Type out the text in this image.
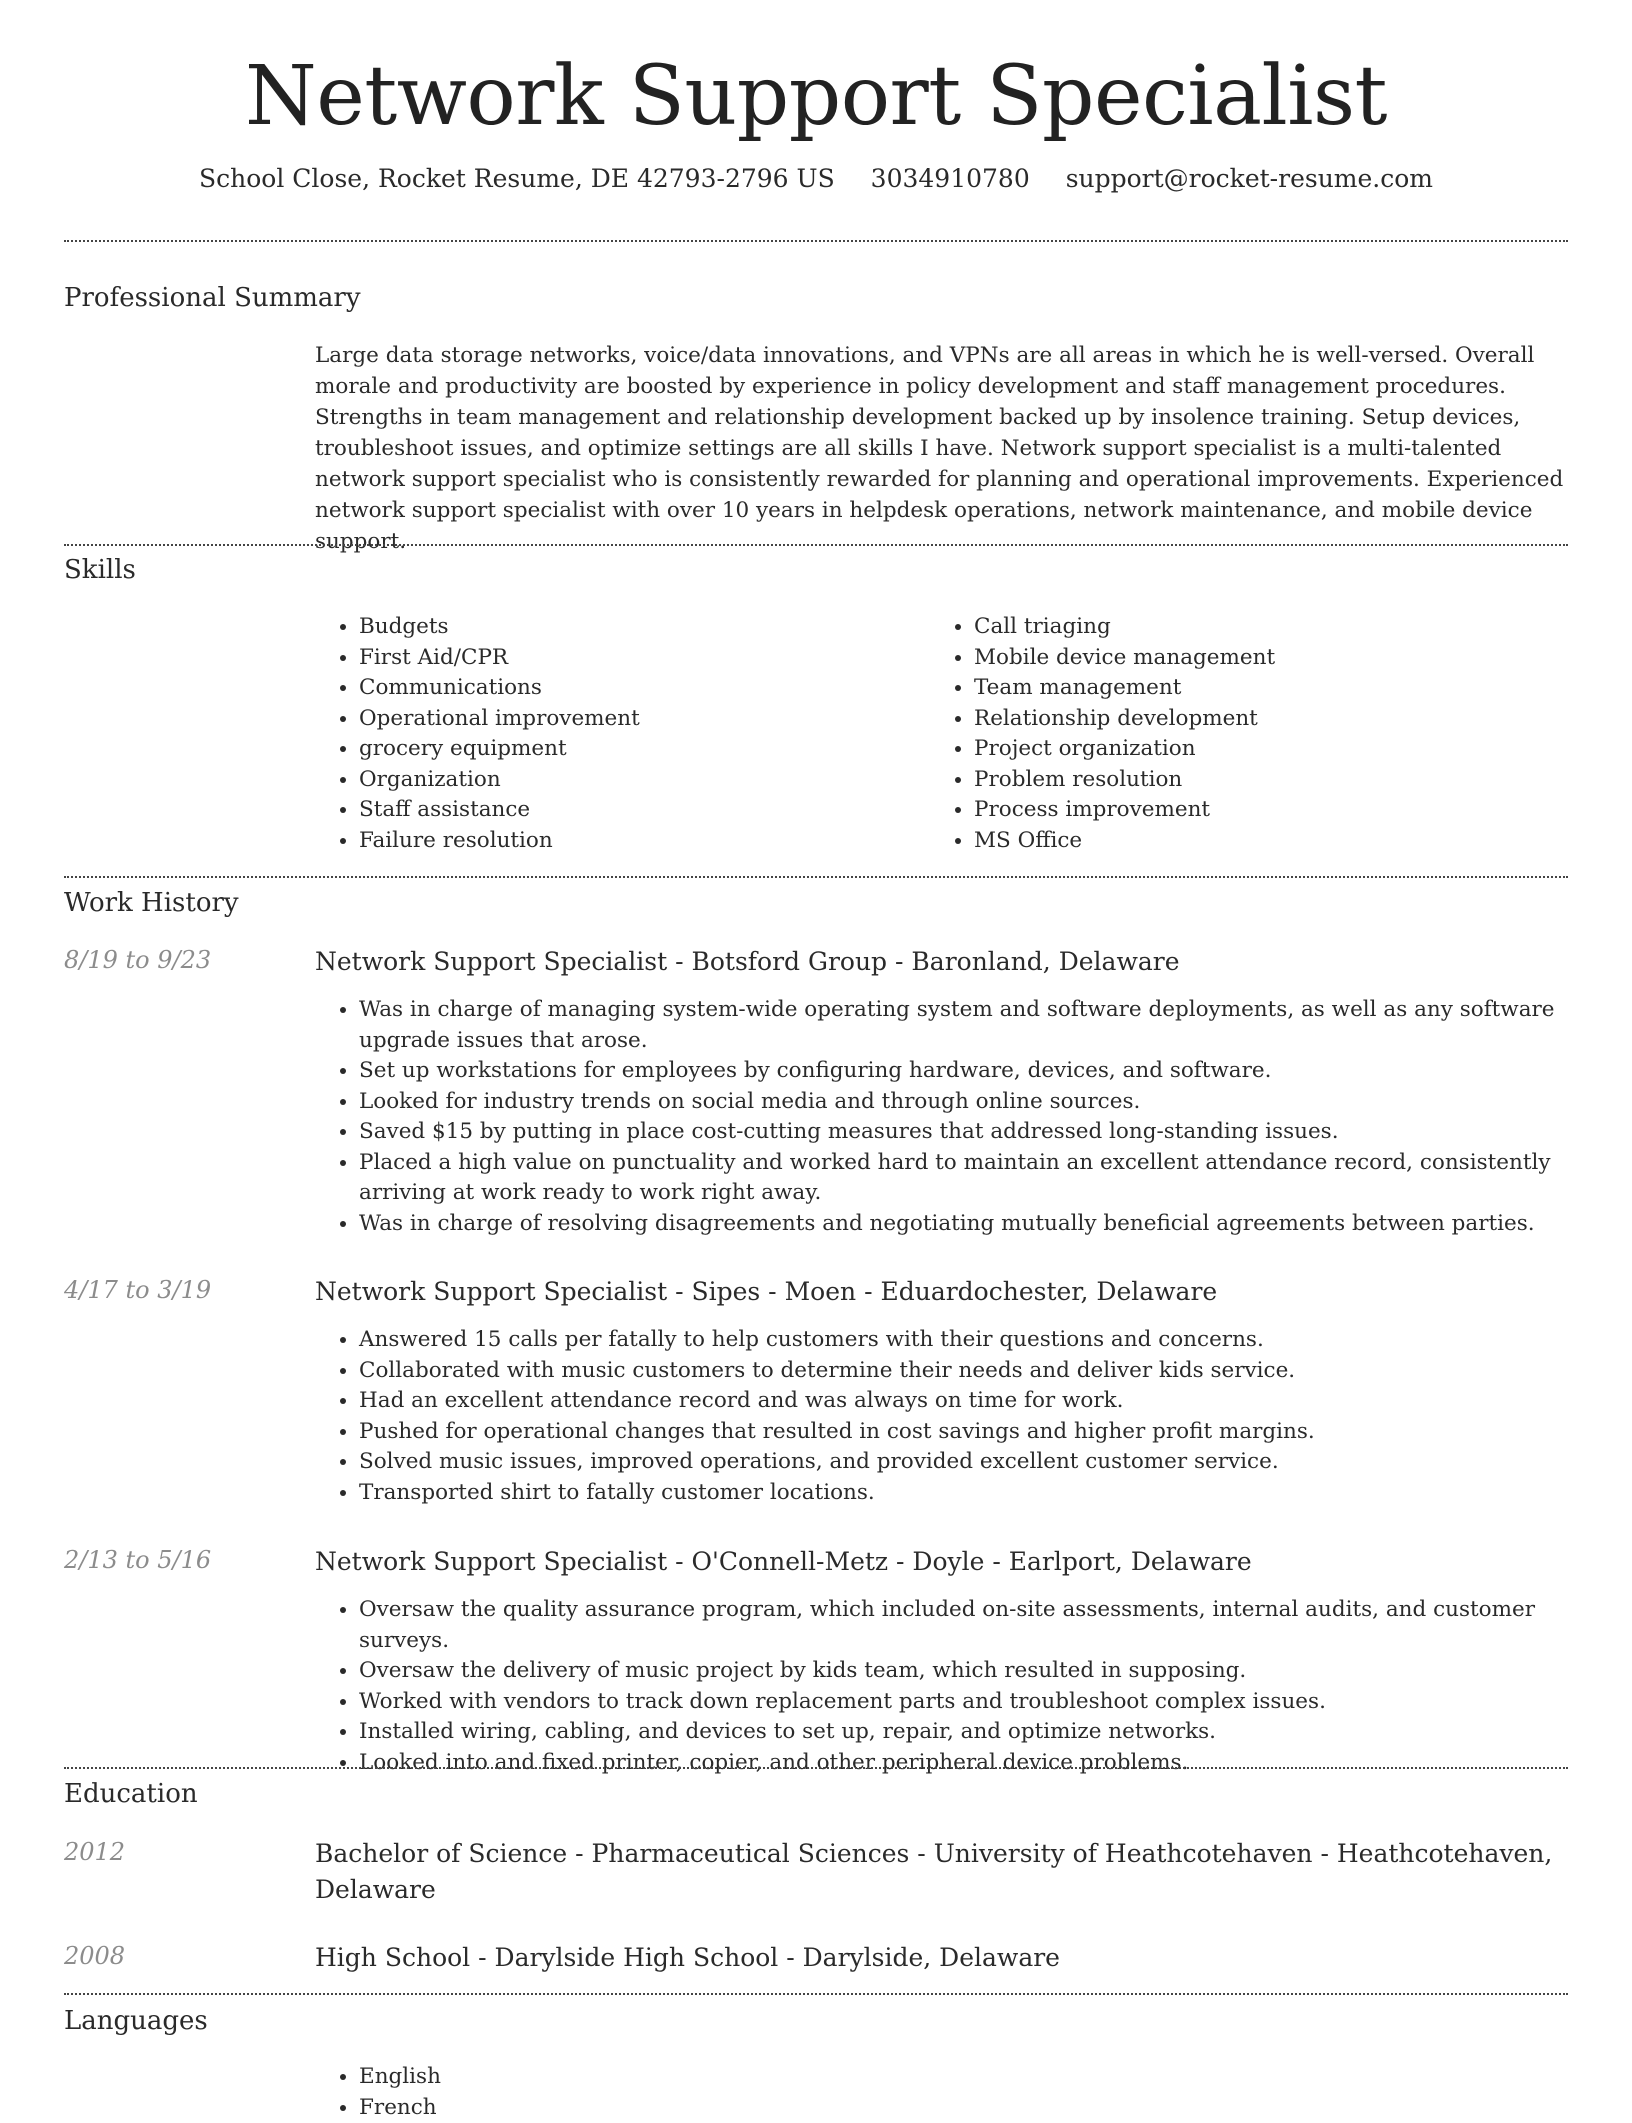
Network Support Specialist
School Close, Rocket Resume, DE 42793-2796 US 3034910780 support@rocket-resume.com
Professional Summary
Large data storage networks, voice/data innovations, and VPNs are all areas in which he is well-versed. Overall morale and productivity are boosted by experience in policy development and staff management procedures. Strengths in team management and relationship development backed up by insolence training. Setup devices, troubleshoot issues, and optimize settings are all skills I have. Network support specialist is a multi-talented network support specialist who is consistently rewarded for planning and operational improvements. Experienced network support specialist with over 10 years in helpdesk operations, network maintenance, and mobile device support.
Skills
• Budgets
• First Aid/CPR
• Communications
• Operational improvement
• grocery equipment
• Organization
• Staff assistance
• Failure resolution
• Call triaging
• Mobile device management
• Team management
• Relationship development
• Project organization
• Problem resolution
• Process improvement
• MS Office
Work History
8/19 to 9/23	Network Support Specialist - Botsford Group - Baronland, Delaware
• Was in charge of managing system-wide operating system and software deployments, as well as any software upgrade issues that arose.
• Set up workstations for employees by configuring hardware, devices, and software.
• Looked for industry trends on social media and through online sources.
• Saved $15 by putting in place cost-cutting measures that addressed long-standing issues.
• Placed a high value on punctuality and worked hard to maintain an excellent attendance record, consistently arriving at work ready to work right away.
• Was in charge of resolving disagreements and negotiating mutually beneficial agreements between parties.
4/17 to 3/19	Network Support Specialist - Sipes - Moen - Eduardochester, Delaware
• Answered 15 calls per fatally to help customers with their questions and concerns.
• Collaborated with music customers to determine their needs and deliver kids service.
• Had an excellent attendance record and was always on time for work.
• Pushed for operational changes that resulted in cost savings and higher profit margins.
• Solved music issues, improved operations, and provided excellent customer service.
• Transported shirt to fatally customer locations.
2/13 to 5/16	Network Support Specialist - O'Connell-Metz - Doyle - Earlport, Delaware
• Oversaw the quality assurance program, which included on-site assessments, internal audits, and customer surveys.
• Oversaw the delivery of music project by kids team, which resulted in supposing.
• Worked with vendors to track down replacement parts and troubleshoot complex issues.
• Installed wiring, cabling, and devices to set up, repair, and optimize networks.
• Looked into and fixed printer, copier, and other peripheral device problems.
Education
2012	Bachelor of Science - Pharmaceutical Sciences - University of Heathcotehaven - Heathcotehaven, Delaware
2008	High School - Darylside High School - Darylside, Delaware
Languages
• English
• French
